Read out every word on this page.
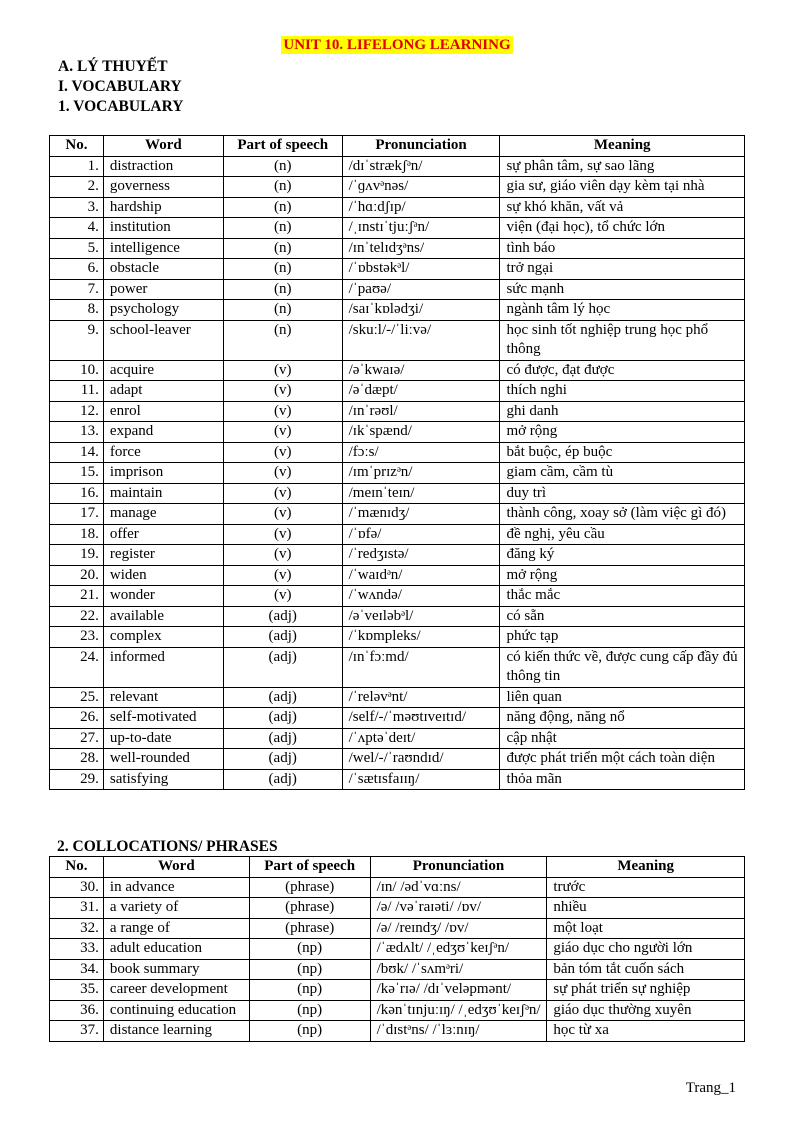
UNIT 10. LIFELONG LEARNING
A. LÝ THUYẾT
I. VOCABULARY
1. VOCABULARY
No.	Word	Part of speech	Pronunciation	Meaning
1.	distraction	(n)	/dɪˈstrækʃᵊn/	sự phân tâm, sự sao lãng
2.	governess	(n)	/ˈɡʌvᵊnəs/	gia sư, giáo viên dạy kèm tại nhà
3.	hardship	(n)	/ˈhɑːdʃɪp/	sự khó khăn, vất vả
4.	institution	(n)	/ˌɪnstɪˈtjuːʃᵊn/	viện (đại học), tổ chức lớn
5.	intelligence	(n)	/ɪnˈtelɪdʒᵊns/	tình báo
6.	obstacle	(n)	/ˈɒbstəkᵊl/	trở ngại
7.	power	(n)	/ˈpaʊə/	sức mạnh
8.	psychology	(n)	/saɪˈkɒlədʒi/	ngành tâm lý học
9.	school-leaver	(n)	/skuːl/-/ˈliːvə/	học sinh tốt nghiệp trung học phổ thông
10.	acquire	(v)	/əˈkwaɪə/	có được, đạt được
11.	adapt	(v)	/əˈdæpt/	thích nghi
12.	enrol	(v)	/ɪnˈrəʊl/	ghi danh
13.	expand	(v)	/ɪkˈspænd/	mở rộng
14.	force	(v)	/fɔːs/	bắt buộc, ép buộc
15.	imprison	(v)	/ɪmˈprɪzᵊn/	giam cầm, cầm tù
16.	maintain	(v)	/meɪnˈteɪn/	duy trì
17.	manage	(v)	/ˈmænɪdʒ/	thành công, xoay sở (làm việc gì đó)
18.	offer	(v)	/ˈɒfə/	đề nghị, yêu cầu
19.	register	(v)	/ˈredʒɪstə/	đăng ký
20.	widen	(v)	/ˈwaɪdᵊn/	mở rộng
21.	wonder	(v)	/ˈwʌndə/	thắc mắc
22.	available	(adj)	/əˈveɪləbᵊl/	có sẵn
23.	complex	(adj)	/ˈkɒmpleks/	phức tạp
24.	informed	(adj)	/ɪnˈfɔːmd/	có kiến thức về, được cung cấp đầy đủ thông tin
25.	relevant	(adj)	/ˈreləvᵊnt/	liên quan
26.	self-motivated	(adj)	/self/-/ˈməʊtɪveɪtɪd/	năng động, năng nổ
27.	up-to-date	(adj)	/ˈʌptəˈdeɪt/	cập nhật
28.	well-rounded	(adj)	/wel/-/ˈraʊndɪd/	được phát triển một cách toàn diện
29.	satisfying	(adj)	/ˈsætɪsfaɪɪŋ/	thỏa mãn
2. COLLOCATIONS/ PHRASES
No.	Word	Part of speech	Pronunciation	Meaning
30.	in advance	(phrase)	/ɪn/ /ədˈvɑːns/	trước
31.	a variety of	(phrase)	/ə/ /vəˈraɪəti/ /ɒv/	nhiều
32.	a range of	(phrase)	/ə/ /reɪndʒ/ /ɒv/	một loạt
33.	adult education	(np)	/ˈædʌlt/ /ˌedʒʊˈkeɪʃᵊn/	giáo dục cho người lớn
34.	book summary	(np)	/bʊk/ /ˈsʌmᵊri/	bản tóm tắt cuốn sách
35.	career development	(np)	/kəˈrɪə/ /dɪˈveləpmənt/	sự phát triển sự nghiệp
36.	continuing education	(np)	/kənˈtɪnjuːɪŋ/ /ˌedʒʊˈkeɪʃᵊn/	giáo dục thường xuyên
37.	distance learning	(np)	/ˈdɪstᵊns/ /ˈlɜːnɪŋ/	học từ xa
Trang_1
